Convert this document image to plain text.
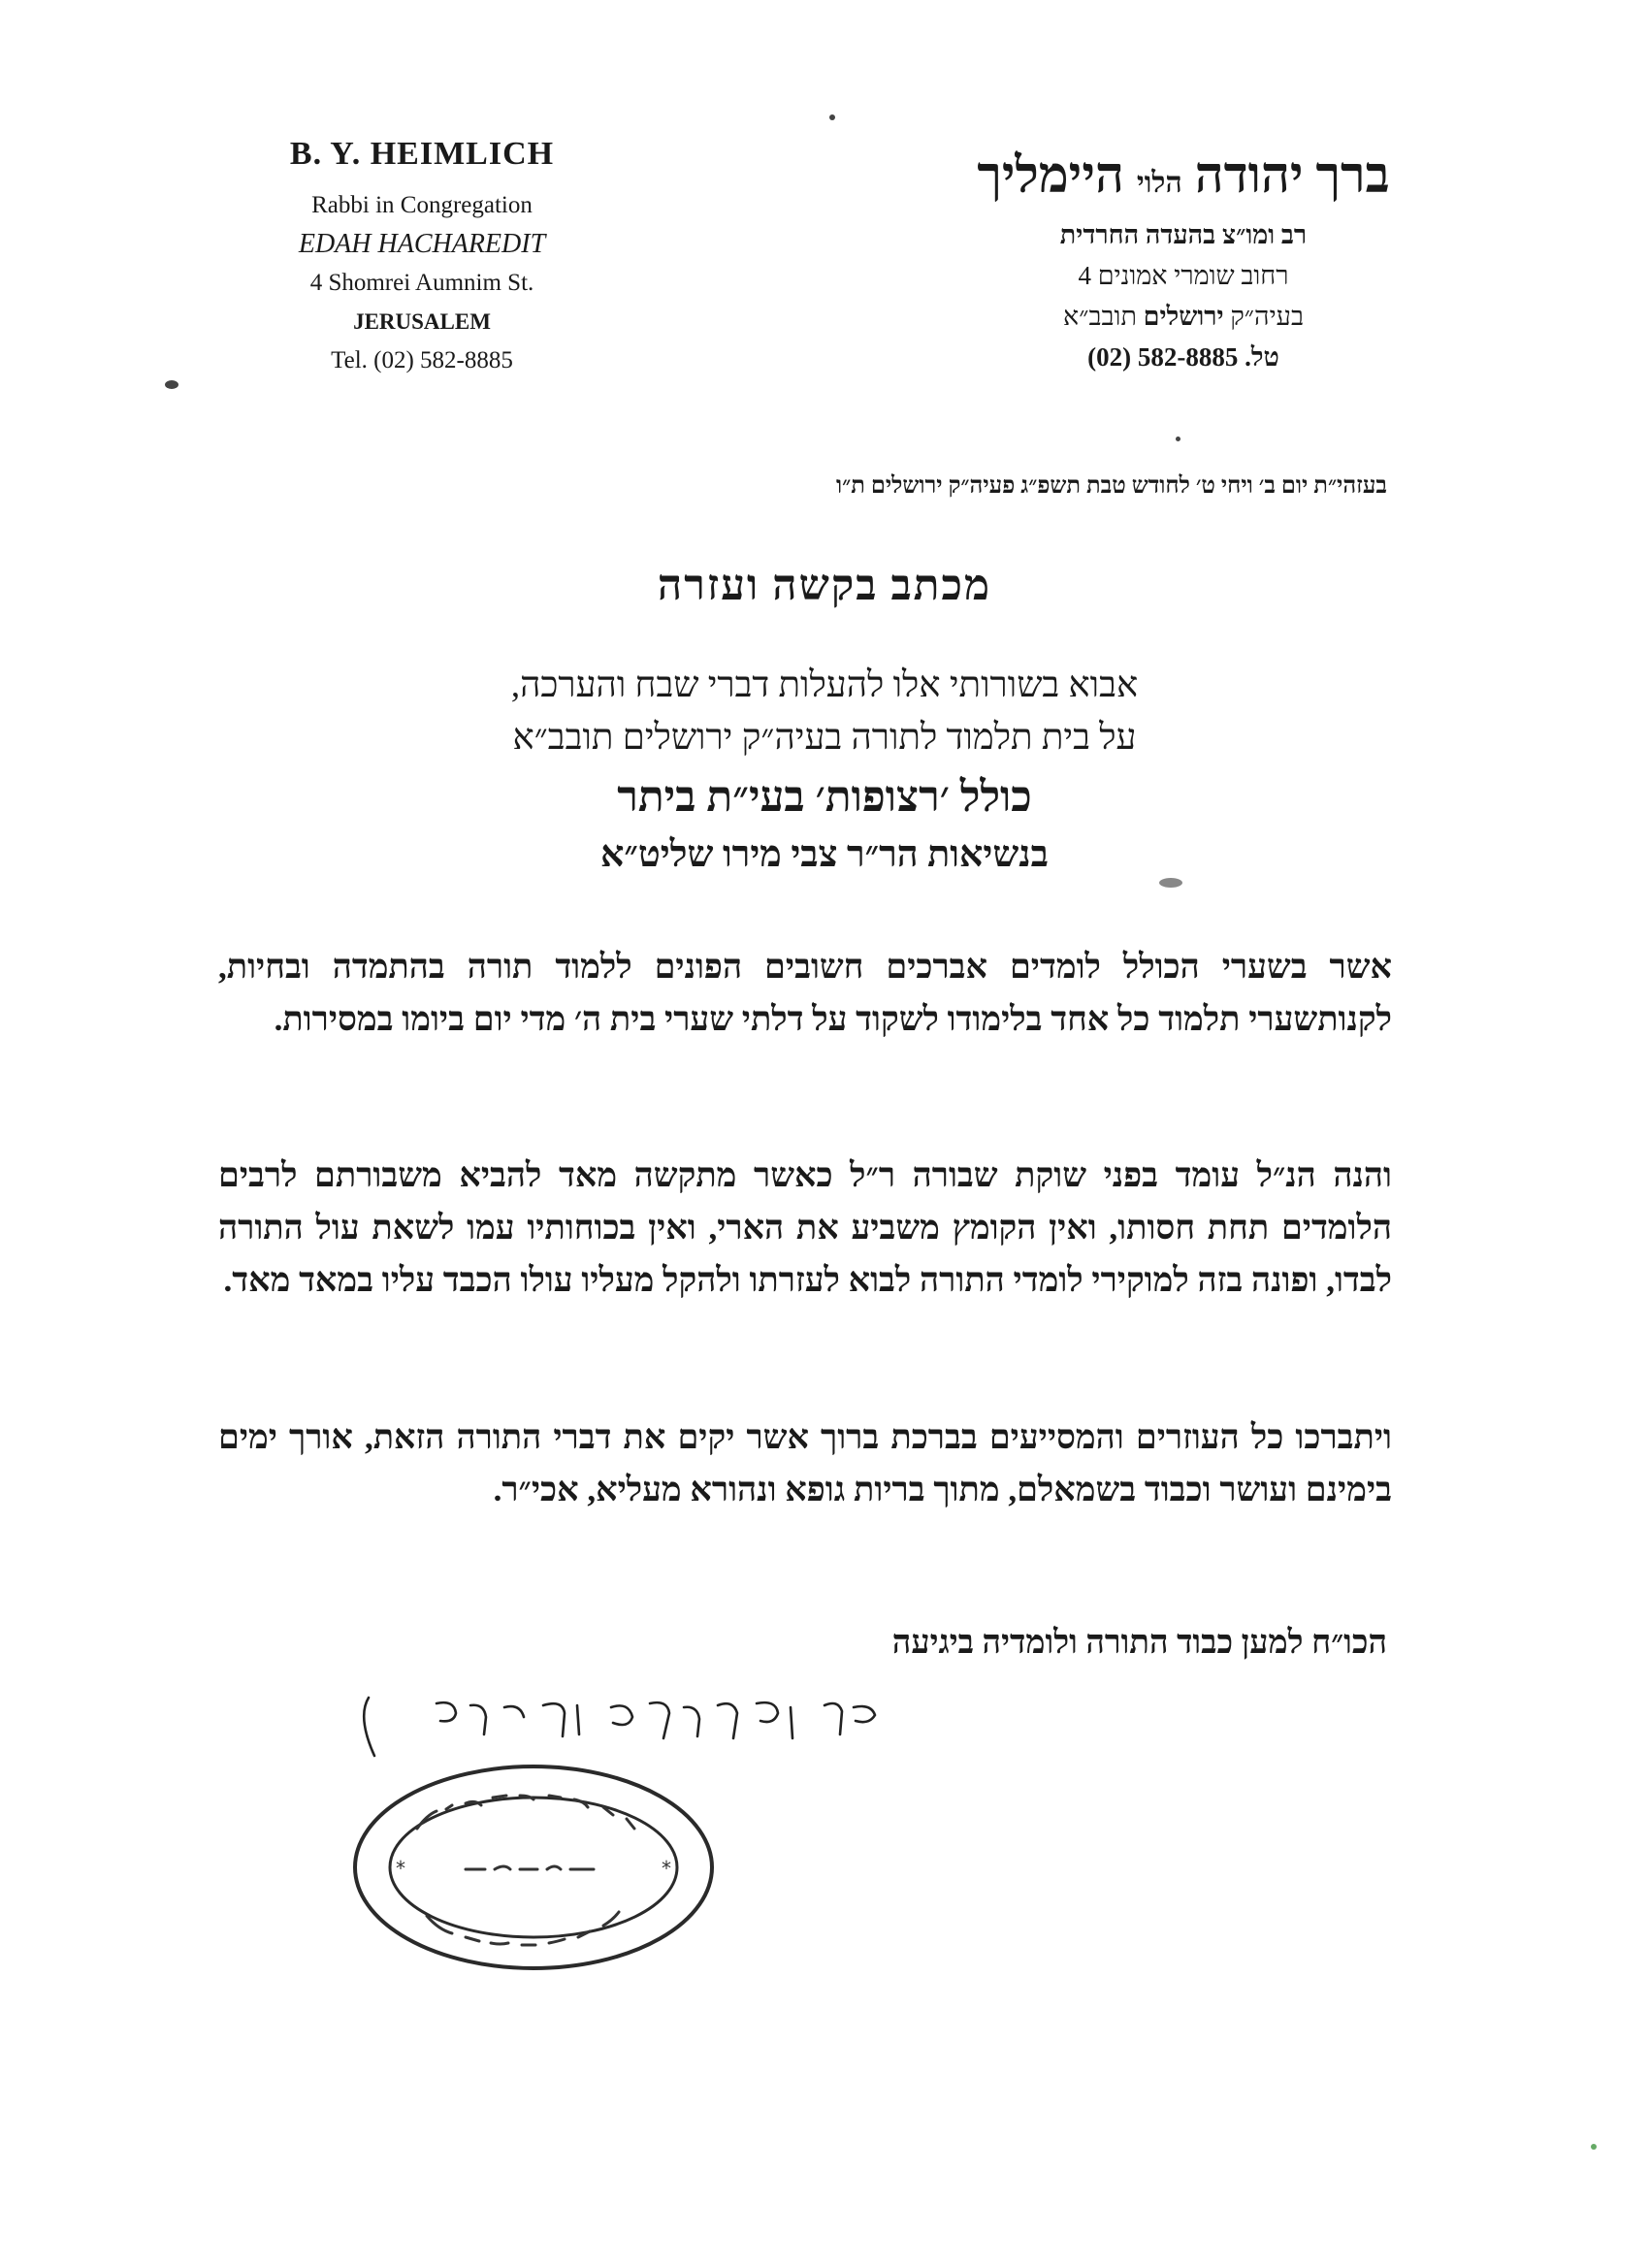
B. Y. HEIMLICH
Rabbi in Congregation
EDAH HACHAREDIT
4 Shomrei Aumnim St.
JERUSALEM
Tel. (02) 582-8885
ברך יהודה הלוי היימליך
רב ומו״צ בהעדה החרדית
רחוב שומרי אמונים 4
בעיה״ק ירושלים תובב״א
טל. 582-8885 (02)
בעזהי״ת יום ב׳ ויחי ט׳ לחודש טבת תשפ״ג פעיה״ק ירושלים ת״ו
מכתב בקשה ועזרה
אבוא בשורותי אלו להעלות דברי שבח והערכה,
על בית תלמוד לתורה בעיה״ק ירושלים תובב״א
כולל ׳רצופות׳ בעי״ת ביתר
בנשיאות הר״ר צבי מירו שליט״א
אשר בשערי הכולל לומדים אברכים חשובים הפונים ללמוד תורה בהתמדה ובחיות, לקנותשערי תלמוד כל אחד בלימודו לשקוד על דלתי שערי בית ה׳ מדי יום ביומו במסירות.
והנה הנ״ל עומד בפני שוקת שבורה ר״ל כאשר מתקשה מאד להביא משבורתם לרבים הלומדים תחת חסותו, ואין הקומץ משביע את הארי, ואין בכוחותיו עמו לשאת עול התורה לבדו, ופונה בזה למוקירי לומדי התורה לבוא לעזרתו ולהקל מעליו עולו הכבד עליו במאד מאד.
ויתברכו כל העוזרים והמסייעים בברכת ברוך אשר יקים את דברי התורה הזאת, אורך ימים בימינם ועושר וכבוד בשמאלם, מתוך בריות גופא ונהורא מעליא, אכי״ר.
הכו״ח למען כבוד התורה ולומדיה ביגיעה
*	*
